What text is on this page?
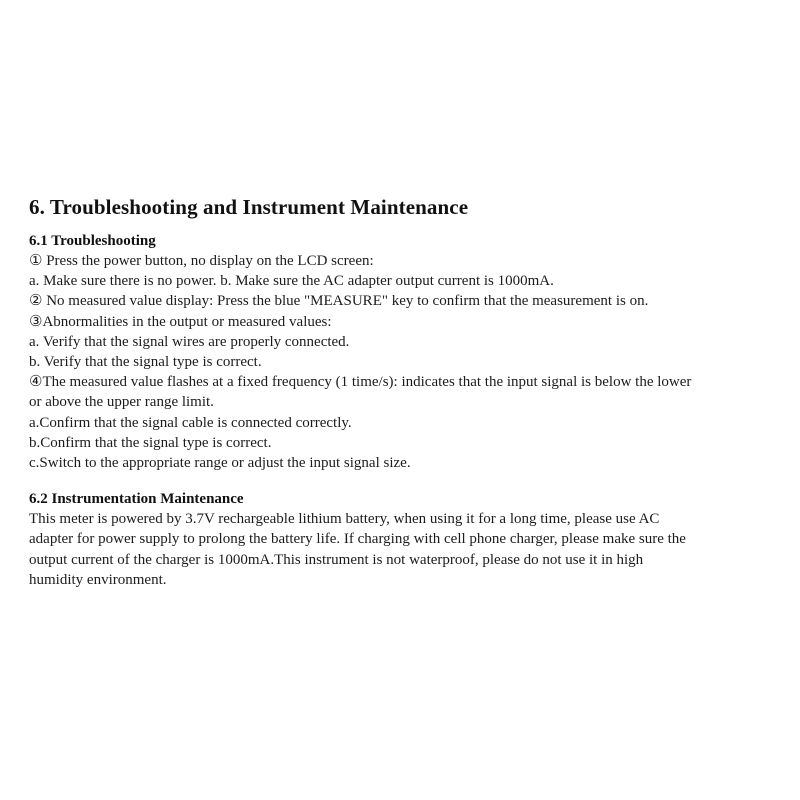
6. Troubleshooting and Instrument Maintenance
6.1 Troubleshooting

① Press the power button, no display on the LCD screen:

a. Make sure there is no power. b. Make sure the AC adapter output current is 1000mA.

② No measured value display: Press the blue "MEASURE" key to confirm that the measurement is on.

③Abnormalities in the output or measured values:

a. Verify that the signal wires are properly connected.

b. Verify that the signal type is correct.

④The measured value flashes at a fixed frequency (1 time/s): indicates that the input signal is below the lower

or above the upper range limit.

a.Confirm that the signal cable is connected correctly.

b.Confirm that the signal type is correct.

c.Switch to the appropriate range or adjust the input signal size.

6.2 Instrumentation Maintenance

This meter is powered by 3.7V rechargeable lithium battery, when using it for a long time, please use AC

adapter for power supply to prolong the battery life. If charging with cell phone charger, please make sure the

output current of the charger is 1000mA.This instrument is not waterproof, please do not use it in high

humidity environment.
